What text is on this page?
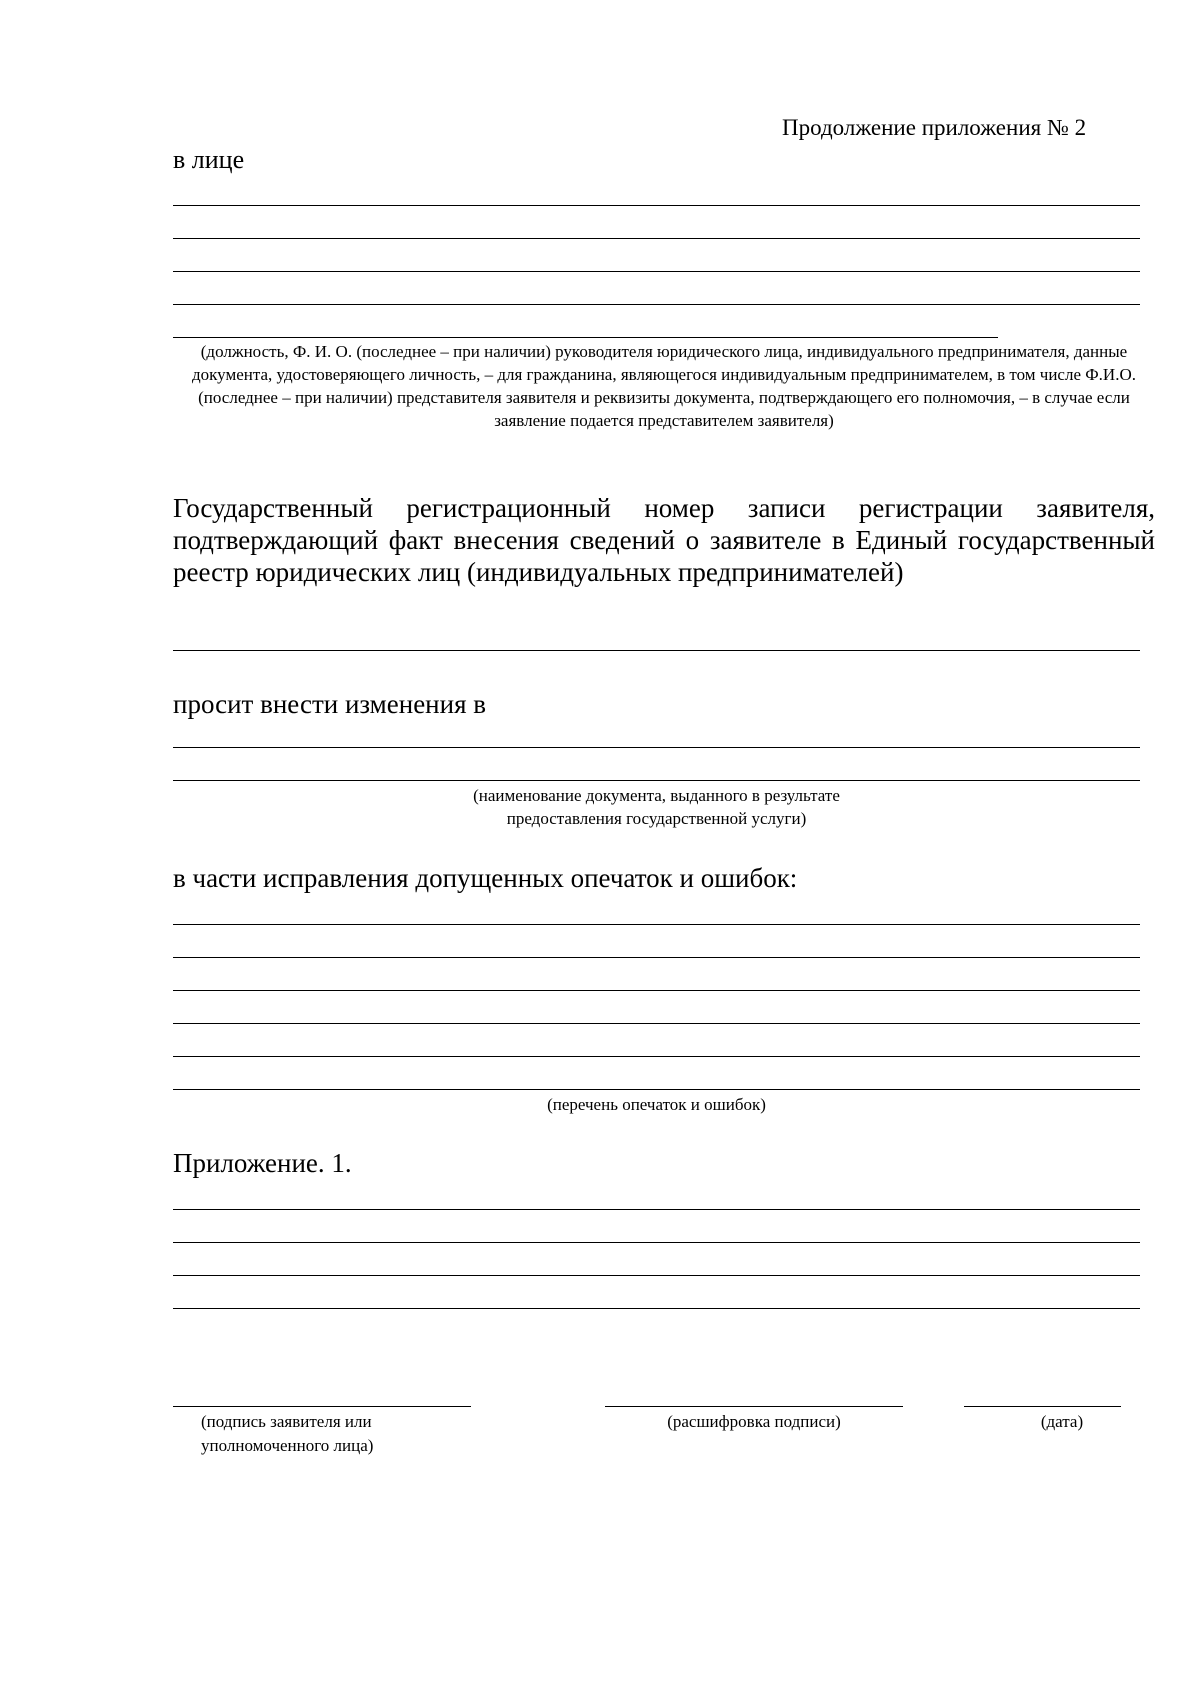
Продолжение приложения № 2
в лице
(должность, Ф. И. О. (последнее – при наличии) руководителя юридического лица, индивидуального предпринимателя, данные документа, удостоверяющего личность, – для гражданина, являющегося индивидуальным предпринимателем, в том числе Ф.И.О. (последнее – при наличии) представителя заявителя и реквизиты документа, подтверждающего его полномочия, – в случае если заявление подается представителем заявителя)
Государственный регистрационный номер записи регистрации заявителя, подтверждающий факт внесения сведений о заявителе в Единый государственный реестр юридических лиц (индивидуальных предпринимателей)
просит внести изменения в
(наименование документа, выданного в результате
предоставления государственной услуги)
в части исправления допущенных опечаток и ошибок:
(перечень опечаток и ошибок)
Приложение. 1.
(подпись заявителя или
уполномоченного лица)
(расшифровка подписи)	(дата)
